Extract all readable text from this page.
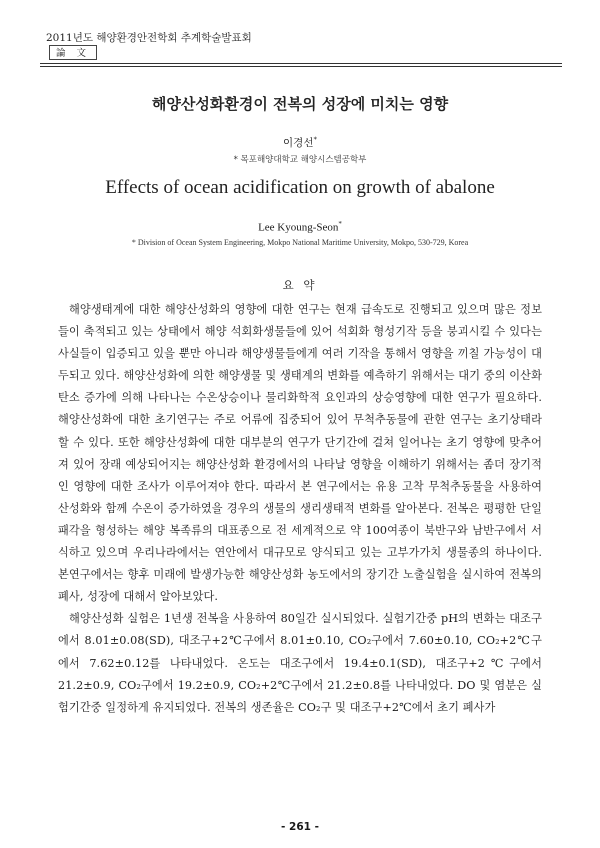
2011년도 해양환경안전학회 추계학술발표회
論 文
해양산성화환경이 전복의 성장에 미치는 영향
이경선*
* 목포해양대학교 해양시스템공학부
Effects of ocean acidification on growth of abalone
Lee Kyoung-Seon*
* Division of Ocean System Engineering, Mokpo National Maritime University, Mokpo, 530-729, Korea
요 약

해양생태계에 대한 해양산성화의 영향에 대한 연구는 현재 급속도로 진행되고 있으며 많은 정보들이 축적되고 있는 상태에서 해양 석회화생물들에 있어 석회화 형성기작 등을 붕괴시킬 수 있다는 사실들이 입증되고 있을 뿐만 아니라 해양생물들에게 여러 기작을 통해서 영향을 끼칠 가능성이 대두되고 있다. 해양산성화에 의한 해양생물 및 생태계의 변화를 예측하기 위해서는 대기 중의 이산화탄소 증가에 의해 나타나는 수온상승이나 물리화학적 요인과의 상승영향에 대한 연구가 필요하다. 해양산성화에 대한 초기연구는 주로 어류에 집중되어 있어 무척추동물에 관한 연구는 초기상태라 할 수 있다. 또한 해양산성화에 대한 대부분의 연구가 단기간에 걸쳐 일어나는 초기 영향에 맞추어져 있어 장래 예상되어지는 해양산성화 환경에서의 나타날 영향을 이해하기 위해서는 좀더 장기적인 영향에 대한 조사가 이루어져야 한다. 따라서 본 연구에서는 유용 고착 무척추동물을 사용하여 산성화와 함께 수온이 증가하였을 경우의 생물의 생리생태적 변화를 알아본다. 전복은 평평한 단일 패각을 형성하는 해양 복족류의 대표종으로 전 세계적으로 약 100여종이 북반구와 남반구에서 서식하고 있으며 우리나라에서는 연안에서 대규모로 양식되고 있는 고부가가치 생물종의 하나이다. 본연구에서는 향후 미래에 발생가능한 해양산성화 농도에서의 장기간 노출실험을 실시하여 전복의 폐사, 성장에 대해서 알아보았다.

해양산성화 실험은 1년생 전복을 사용하여 80일간 실시되었다. 실험기간중 pH의 변화는 대조구에서 8.01±0.08(SD), 대조구+2℃구에서 8.01±0.10, CO₂구에서 7.60±0.10, CO₂+2℃구에서 7.62±0.12를 나타내었다. 온도는 대조구에서 19.4±0.1(SD), 대조구+2℃구에서 21.2±0.9, CO₂구에서 19.2±0.9, CO₂+2℃구에서 21.2±0.8를 나타내었다. DO 및 염분은 실험기간중 일정하게 유지되었다. 전복의 생존율은 CO₂구 및 대조구+2℃에서 초기 폐사가

- 261 -
